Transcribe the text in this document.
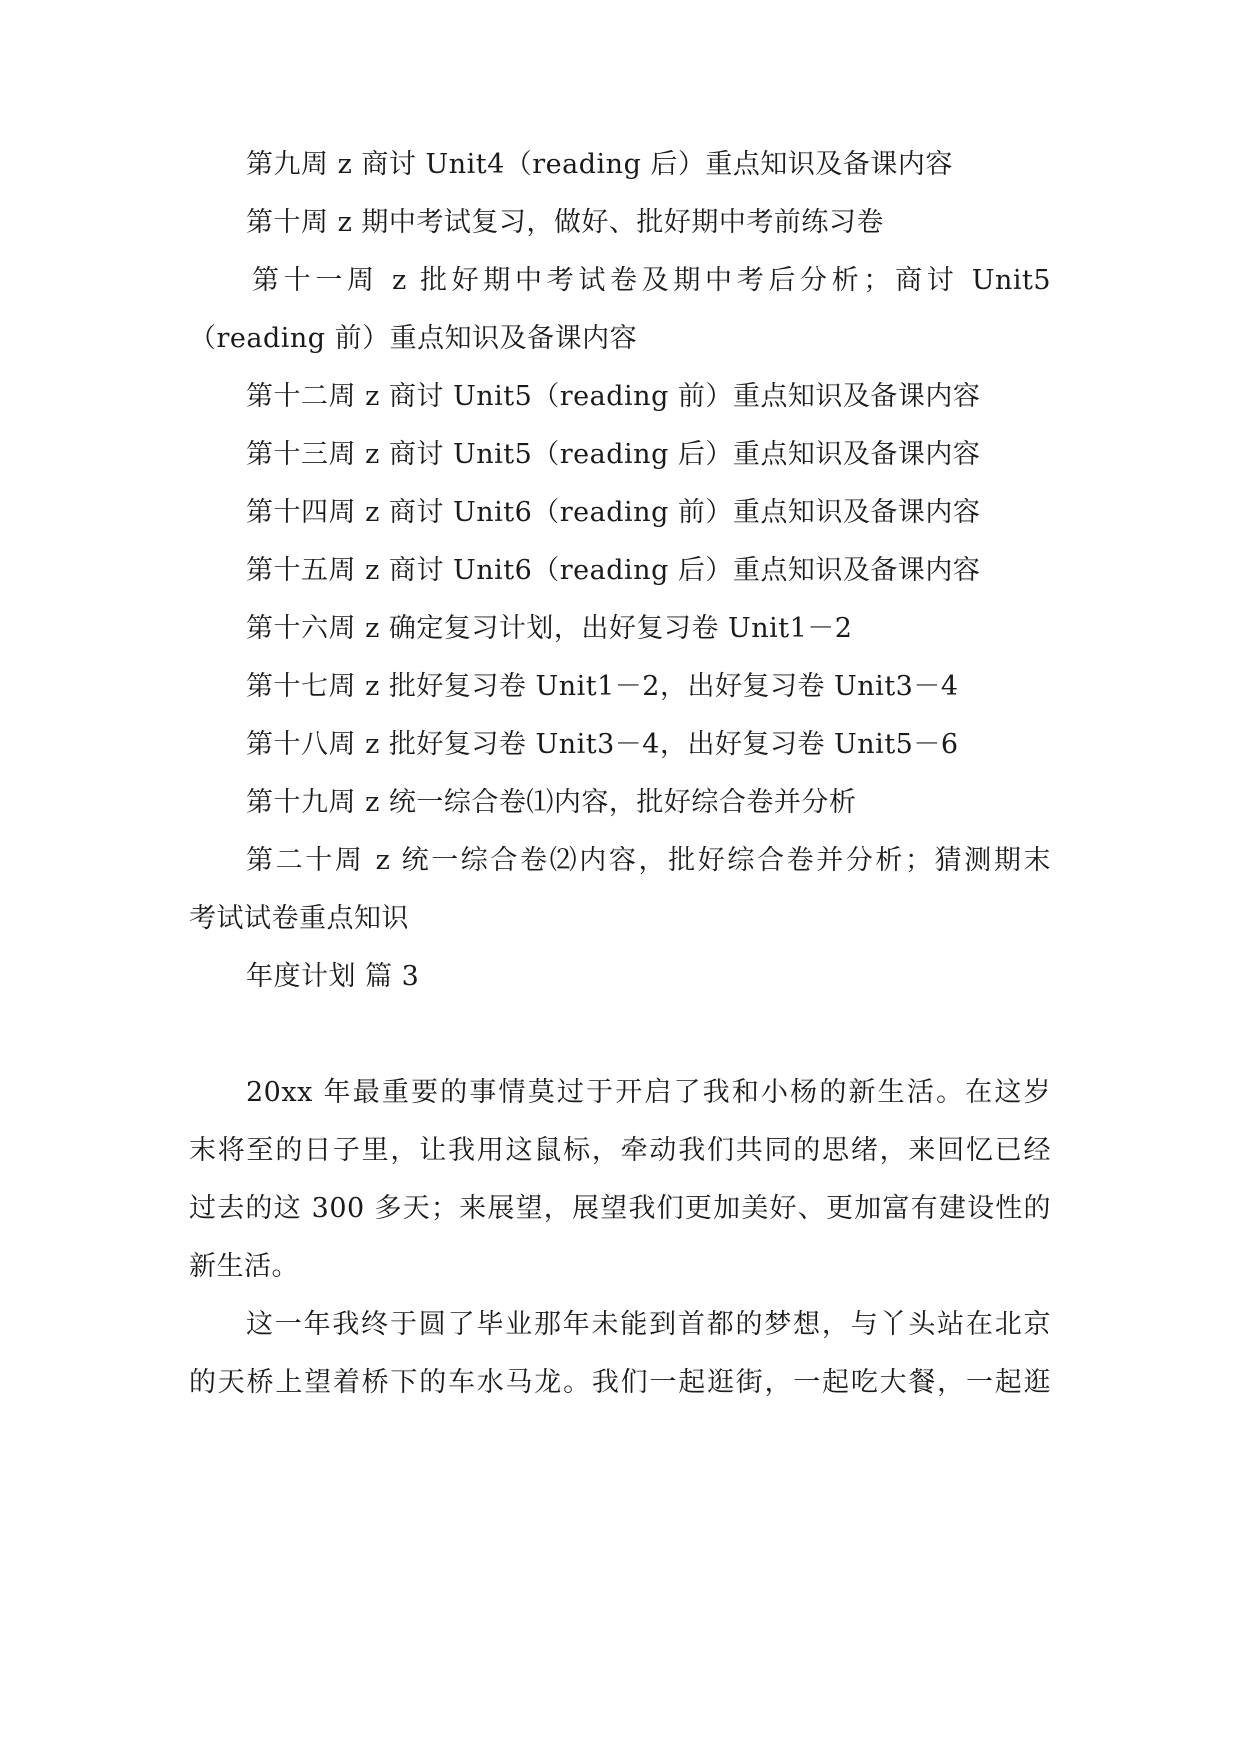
第九周 z 商讨 Unit4（reading 后）重点知识及备课内容
第十周 z 期中考试复习，做好、批好期中考前练习卷
第十一周 z 批好期中考试卷及期中考后分析；商讨 Unit5
（reading 前）重点知识及备课内容
第十二周 z 商讨 Unit5（reading 前）重点知识及备课内容
第十三周 z 商讨 Unit5（reading 后）重点知识及备课内容
第十四周 z 商讨 Unit6（reading 前）重点知识及备课内容
第十五周 z 商讨 Unit6（reading 后）重点知识及备课内容
第十六周 z 确定复习计划，出好复习卷 Unit1－2
第十七周 z 批好复习卷 Unit1－2，出好复习卷 Unit3－4
第十八周 z 批好复习卷 Unit3－4，出好复习卷 Unit5－6
第十九周 z 统一综合卷⑴内容，批好综合卷并分析
第二十周 z 统一综合卷⑵内容，批好综合卷并分析；猜测期末
考试试卷重点知识
年度计划 篇 3
20xx 年最重要的事情莫过于开启了我和小杨的新生活。在这岁
末将至的日子里，让我用这鼠标，牵动我们共同的思绪，来回忆已经
过去的这 300 多天；来展望，展望我们更加美好、更加富有建设性的
新生活。
这一年我终于圆了毕业那年未能到首都的梦想，与丫头站在北京
的天桥上望着桥下的车水马龙。我们一起逛街，一起吃大餐，一起逛
